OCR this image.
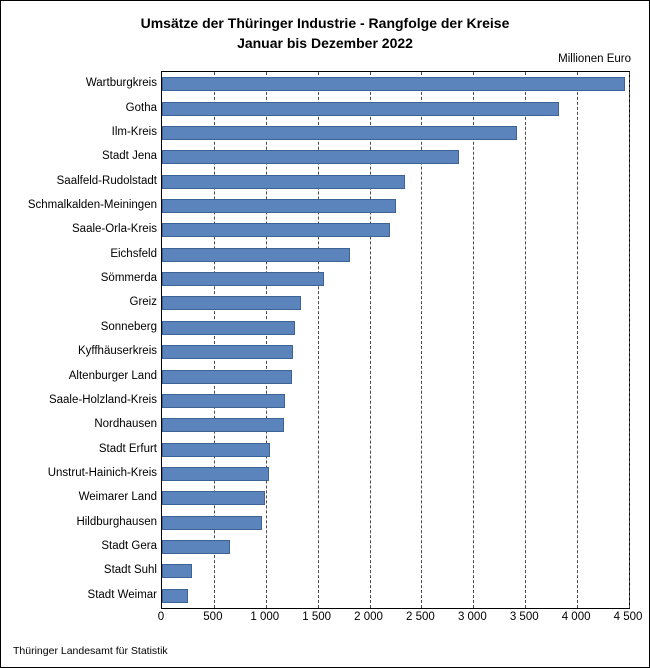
Umsätze der Thüringer Industrie - Rangfolge der Kreise
Januar bis Dezember 2022
Millionen Euro
Wartburgkreis
Gotha
Ilm-Kreis
Stadt Jena
Saalfeld-Rudolstadt
Schmalkalden-Meiningen
Saale-Orla-Kreis
Eichsfeld
Sömmerda
Greiz
Sonneberg
Kyffhäuserkreis
Altenburger Land
Saale-Holzland-Kreis
Nordhausen
Stadt Erfurt
Unstrut-Hainich-Kreis
Weimarer Land
Hildburghausen
Stadt Gera
Stadt Suhl
Stadt Weimar
0	500 1 000 1 500 2 000 2 500 3 000 3 500 4 000 4 500
Thüringer Landesamt für Statistik
